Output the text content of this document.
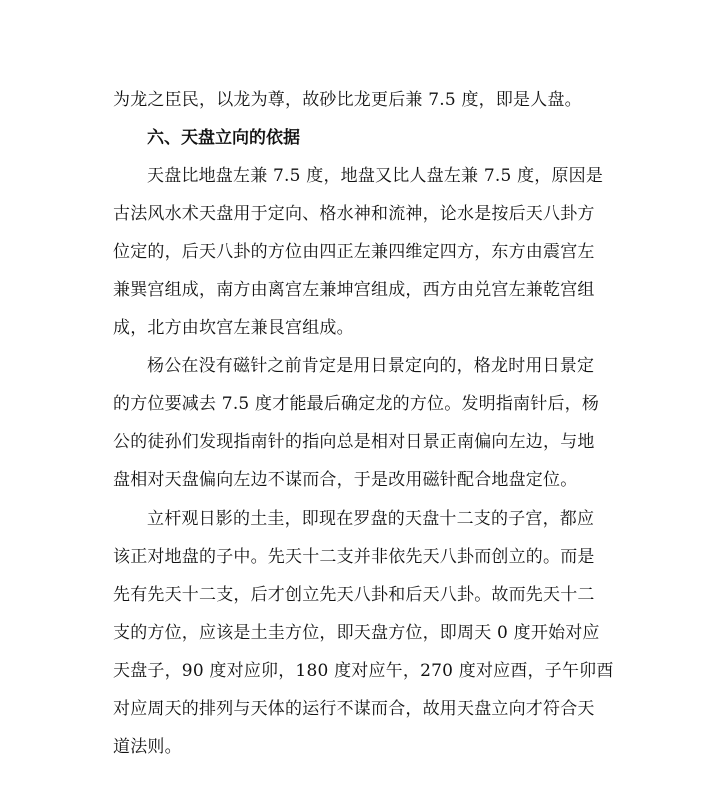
为龙之臣民，以龙为尊，故砂比龙更后兼 7.5 度，即是人盘。
六、天盘立向的依据
天盘比地盘左兼 7.5 度，地盘又比人盘左兼 7.5 度，原因是
古法风水术天盘用于定向、格水神和流神，论水是按后天八卦方
位定的，后天八卦的方位由四正左兼四维定四方，东方由震宫左
兼巽宫组成，南方由离宫左兼坤宫组成，西方由兑宫左兼乾宫组
成，北方由坎宫左兼艮宫组成。
杨公在没有磁针之前肯定是用日景定向的，格龙时用日景定
的方位要减去 7.5 度才能最后确定龙的方位。发明指南针后，杨
公的徒孙们发现指南针的指向总是相对日景正南偏向左边，与地
盘相对天盘偏向左边不谋而合，于是改用磁针配合地盘定位。
立杆观日影的土圭，即现在罗盘的天盘十二支的子宫，都应
该正对地盘的子中。先天十二支并非依先天八卦而创立的。而是
先有先天十二支，后才创立先天八卦和后天八卦。故而先天十二
支的方位，应该是土圭方位，即天盘方位，即周天 0 度开始对应
天盘子，90 度对应卯，180 度对应午，270 度对应酉，子午卯酉
对应周天的排列与天体的运行不谋而合，故用天盘立向才符合天
道法则。
